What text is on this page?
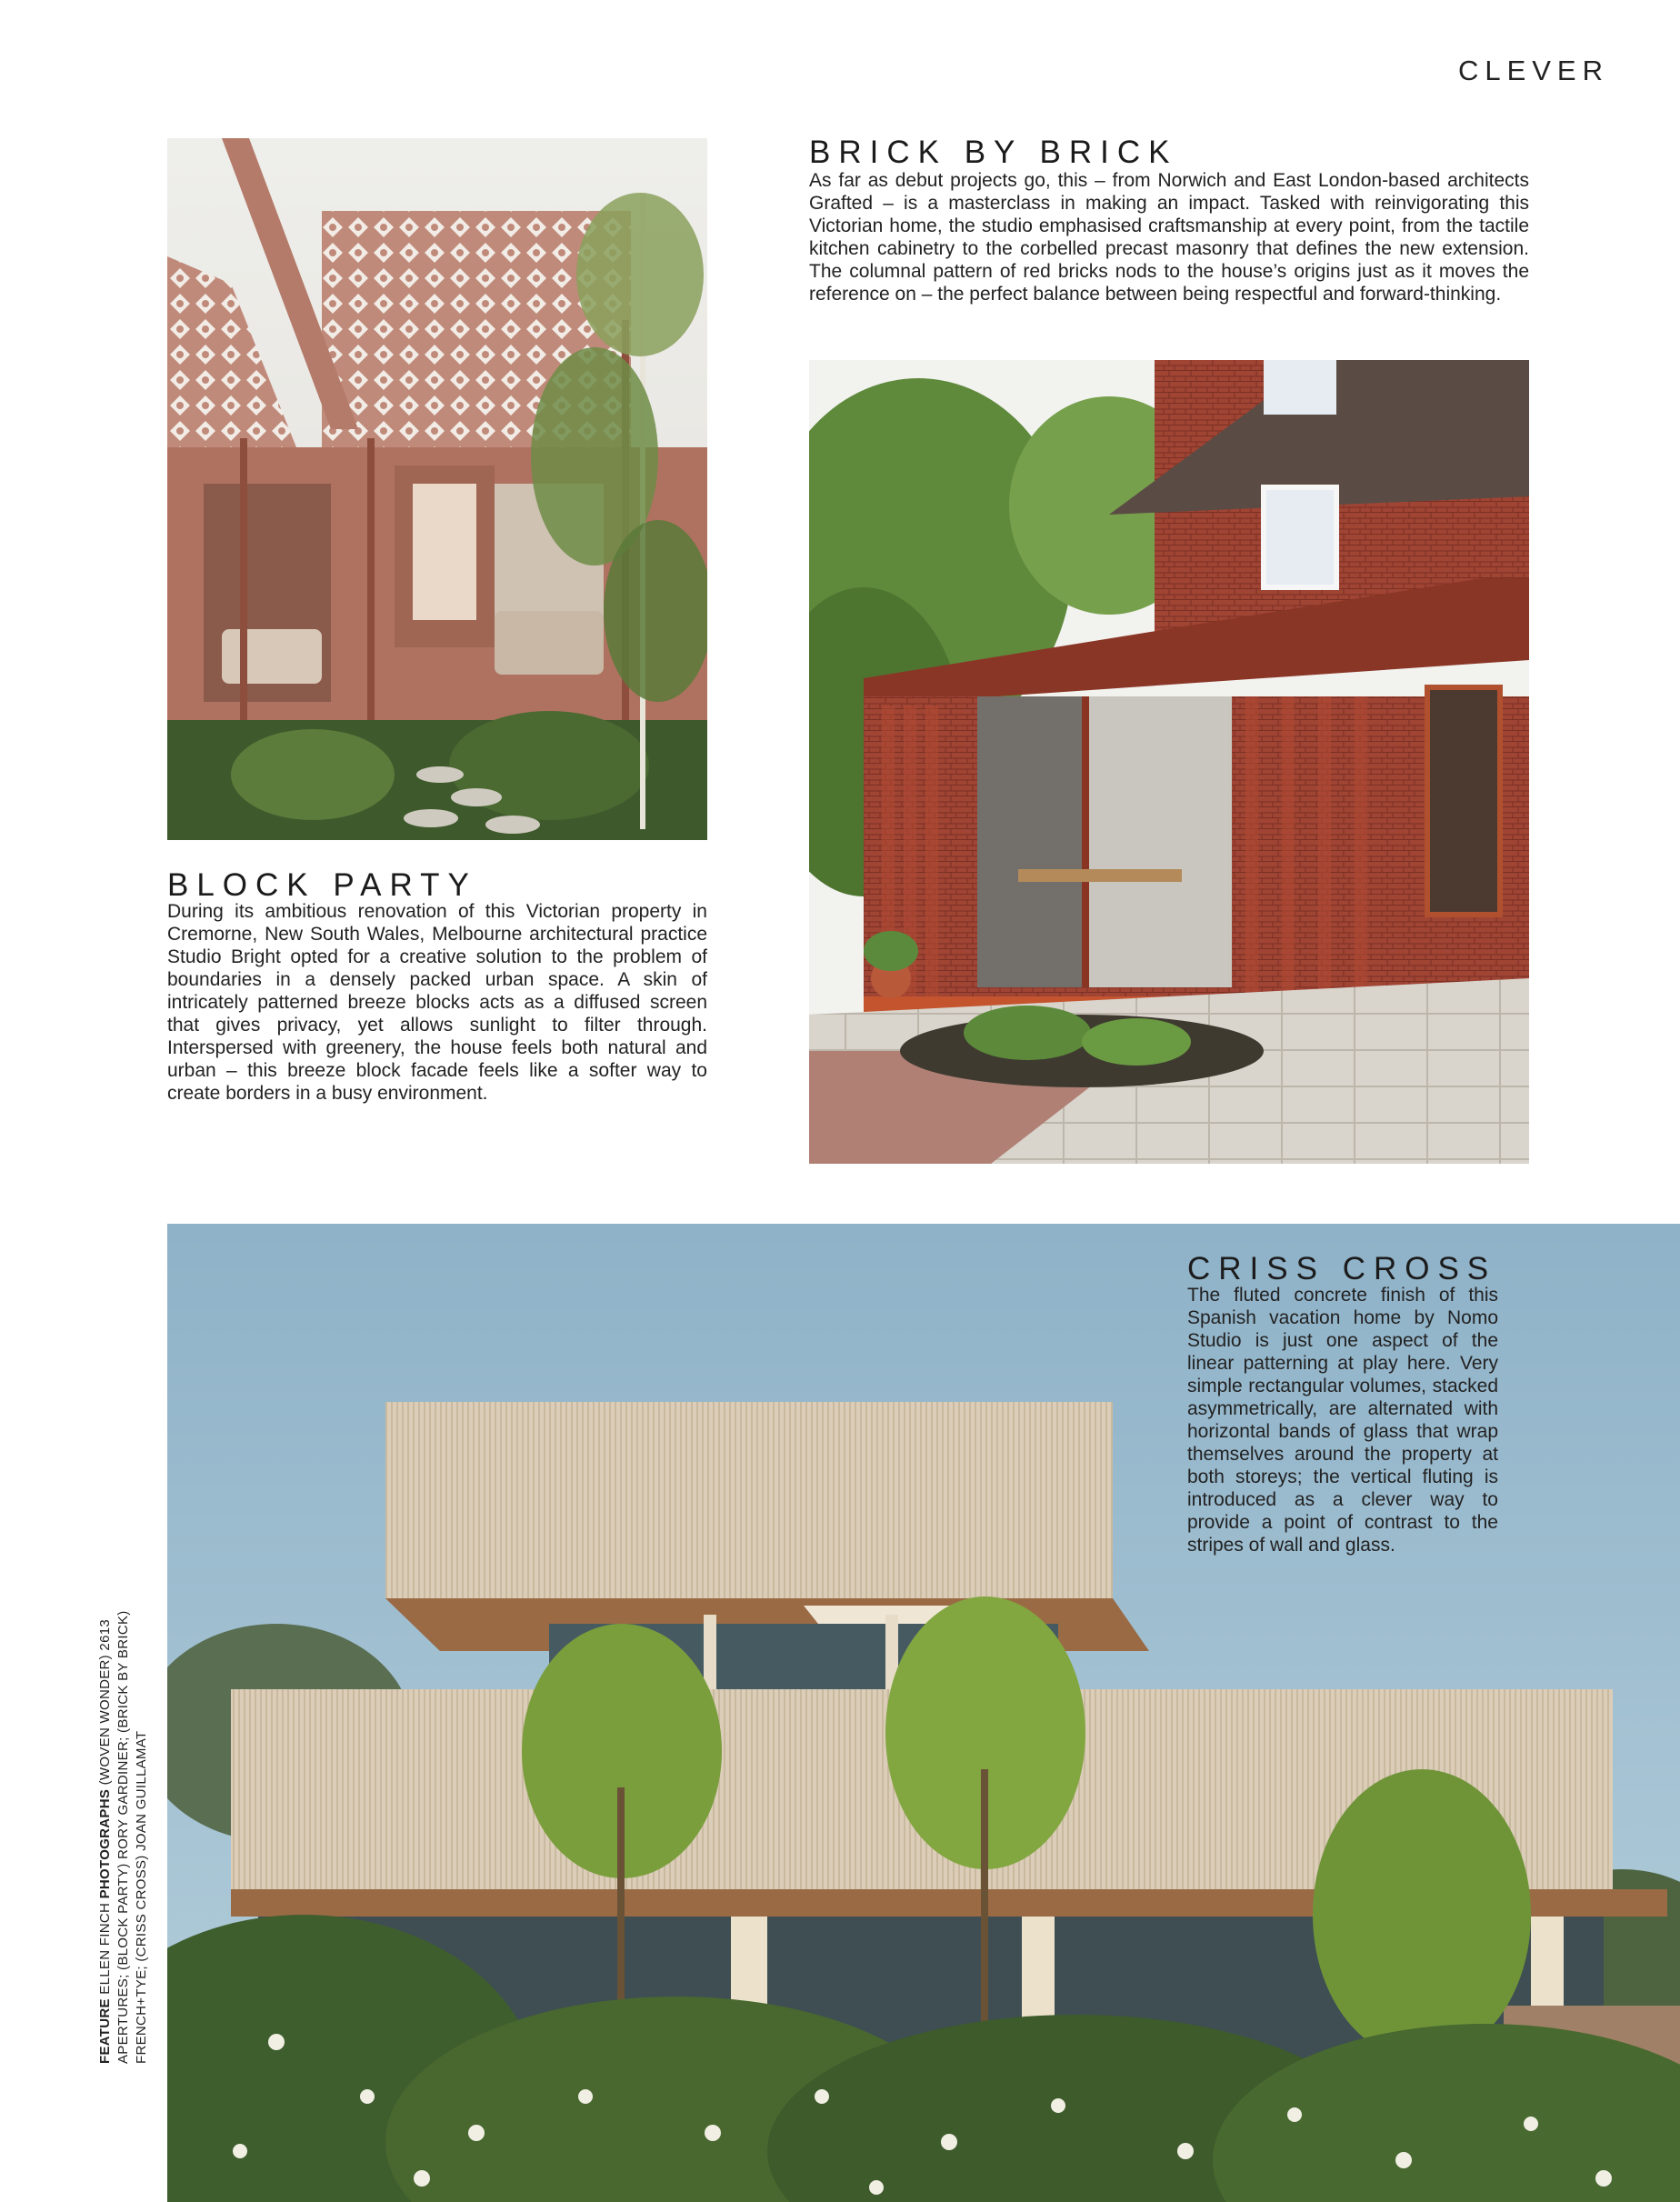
CLEVER
BRICK BY BRICK

As far as debut projects go, this – from Norwich and East London-based architects Grafted – is a masterclass in making an impact. Tasked with reinvigorating this Victorian home, the studio emphasised craftsmanship at every point, from the tactile kitchen cabinetry to the corbelled precast masonry that defines the new extension. The columnal pattern of red bricks nods to the house’s origins just as it moves the reference on – the perfect balance between being respectful and forward-thinking.

BLOCK PARTY

During its ambitious renovation of this Victorian property in Cremorne, New South Wales, Melbourne architectural practice Studio Bright opted for a creative solution to the problem of boundaries in a densely packed urban space. A skin of intricately patterned breeze blocks acts as a diffused screen that gives privacy, yet allows sunlight to filter through. Interspersed with greenery, the house feels both natural and urban – this breeze block facade feels like a softer way to create borders in a busy environment.

CRISS CROSS

The fluted concrete finish of this Spanish vacation home by Nomo Studio is just one aspect of the linear patterning at play here. Very simple rectangular volumes, stacked asymmetrically, are alternated with horizontal bands of glass that wrap themselves around the property at both storeys; the vertical fluting is introduced as a clever way to provide a point of contrast to the stripes of wall and glass.

FEATURE ELLEN FINCH PHOTOGRAPHS (WOVEN WONDER) 2613 APERTURES; (BLOCK PARTY) RORY GARDINER; (BRICK BY BRICK) FRENCH+TYE; (CRISS CROSS) JOAN GUILLAMAT
